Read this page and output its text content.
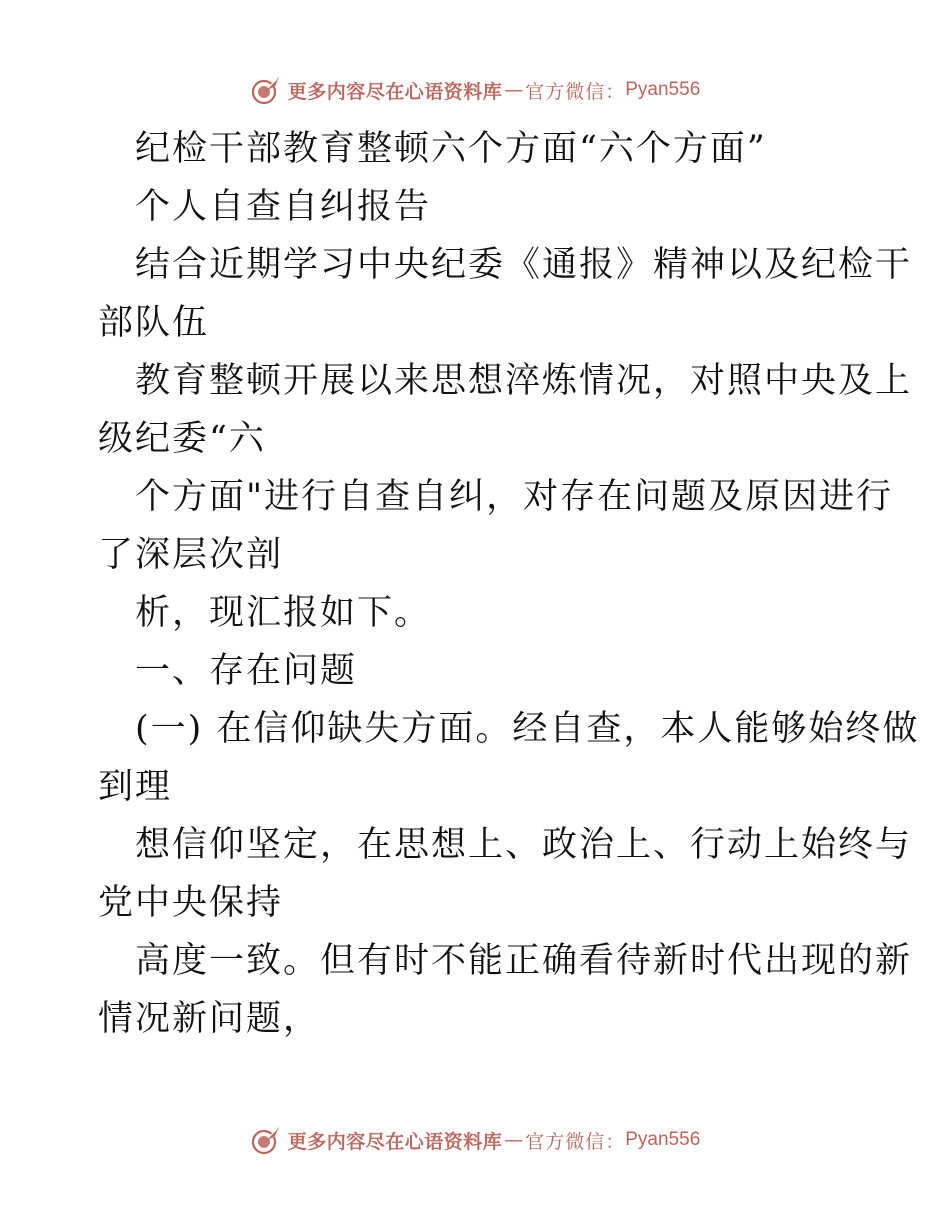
更多内容尽在心语资料库 — 官方微信： Pyan556
纪检干部教育整顿六个方面“六个方面”
个人自查自纠报告
结合近期学习中央纪委《通报》精神以及纪检干
部队伍
教育整顿开展以来思想淬炼情况，对照中央及上
级纪委“六
个方面"进行自查自纠，对存在问题及原因进行
了深层次剖
析，现汇报如下。
一、存在问题
(一) 在信仰缺失方面。经自查，本人能够始终做
到理
想信仰坚定，在思想上、政治上、行动上始终与
党中央保持
高度一致。但有时不能正确看待新时代出现的新
情况新问题，
更多内容尽在心语资料库 — 官方微信： Pyan556
